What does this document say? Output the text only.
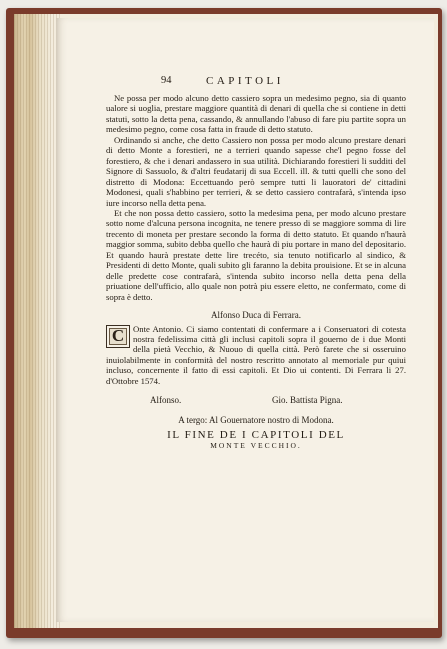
94	CAPITOLI

Ne possa per modo alcuno detto cassiero sopra un medesimo pegno, sia di quanto ualore si uoglia, prestare maggiore quantità di denari di quella che si contiene in detti statuti, sotto la detta pena, cassando, & annullando l'abuso di fare piu partite sopra un medesimo pegno, come cosa fatta in fraude di detto statuto.

Ordinando si anche, che detto Cassiero non possa per modo alcuno prestare denari di detto Monte a forestieri, ne a terrieri quando sapesse che'l pegno fosse del forestiero, & che i denari andassero in sua utilità. Dichiarando forestieri li sudditi del Signore di Sassuolo, & d'altri feudatarij di sua Eccell. ill. & tutti quelli che sono del distretto di Modona: Eccettuando però sempre tutti li lauoratori de' cittadini Modonesi, quali s'habbino per terrieri, & se detto cassiero contrafarà, s'intenda ipso iure incorso nella detta pena.

Et che non possa detto cassiero, sotto la medesima pena, per modo alcuno prestare sotto nome d'alcuna persona incognita, ne tenere presso di se maggiore somma di lire trecento di moneta per prestare secondo la forma di detto statuto. Et quando n'haurà maggior somma, subito debba quello che haurà di piu portare in mano del depositario. Et quando haurà prestate dette lire trecéto, sia tenuto notificarlo al sindico, & Presidenti di detto Monte, quali subito gli faranno la debita prouisione. Et se in alcuna delle predette cose contrafarà, s'intenda subito incorso nella detta pena della priuatione dell'ufficio, allo quale non potrà piu essere eletto, ne confermato, come di sopra è detto.

Alfonso Duca di Ferrara.
C	Onte Antonio. Ci siamo contentati di confermare a i Conseruatori di cotesta nostra fedelissima città gli inclusi capitoli sopra il gouerno de i due Monti della pietà Vecchio, & Nuouo di quella città. Però farete che si osseruino inuiolabilmente in conformità del nostro rescritto annotato al memoriale pur quiui incluso, concernente il fatto di essi capitoli. Et Dio ui contenti. Di Ferrara li 27. d'Ottobre 1574.

Alfonso.	Gio. Battista Pigna.
A tergo: Al Gouernatore nostro di Modona.
IL FINE DE I CAPITOLI DEL
MONTE VECCHIO.
